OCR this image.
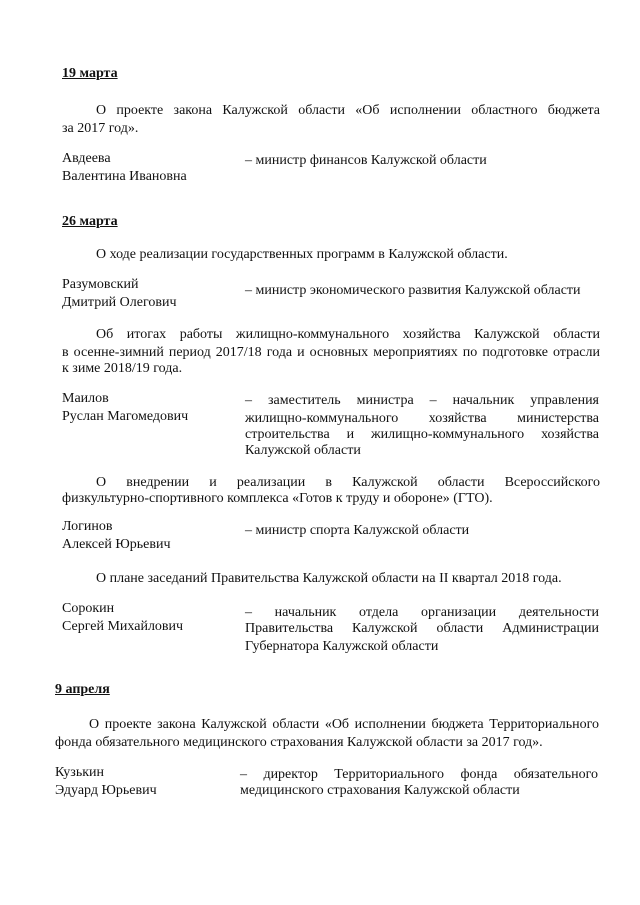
19 марта
О проекте закона Калужской области «Об исполнении областного бюджета
за 2017 год».
Авдеева
Валентина Ивановна
– министр финансов Калужской области
26 марта
О ходе реализации государственных программ в Калужской области.
Разумовский
Дмитрий Олегович
– министр экономического развития Калужской области
Об итогах работы жилищно-коммунального хозяйства Калужской области
в осенне-зимний период 2017/18 года и основных мероприятиях по подготовке отрасли
к зиме 2018/19 года.
Маилов
Руслан Магомедович
– заместитель министра – начальник управления
жилищно-коммунального хозяйства министерства
строительства и жилищно-коммунального хозяйства
Калужской области
О внедрении и реализации в Калужской области Всероссийского
физкультурно-спортивного комплекса «Готов к труду и обороне» (ГТО).
Логинов
Алексей Юрьевич
– министр спорта Калужской области
О плане заседаний Правительства Калужской области на II квартал 2018 года.
Сорокин
Сергей Михайлович
– начальник отдела организации деятельности
Правительства Калужской области Администрации
Губернатора Калужской области
9 апреля
О проекте закона Калужской области «Об исполнении бюджета Территориального
фонда обязательного медицинского страхования Калужской области за 2017 год».
Кузькин
Эдуард Юрьевич
– директор Территориального фонда обязательного
медицинского страхования Калужской области
